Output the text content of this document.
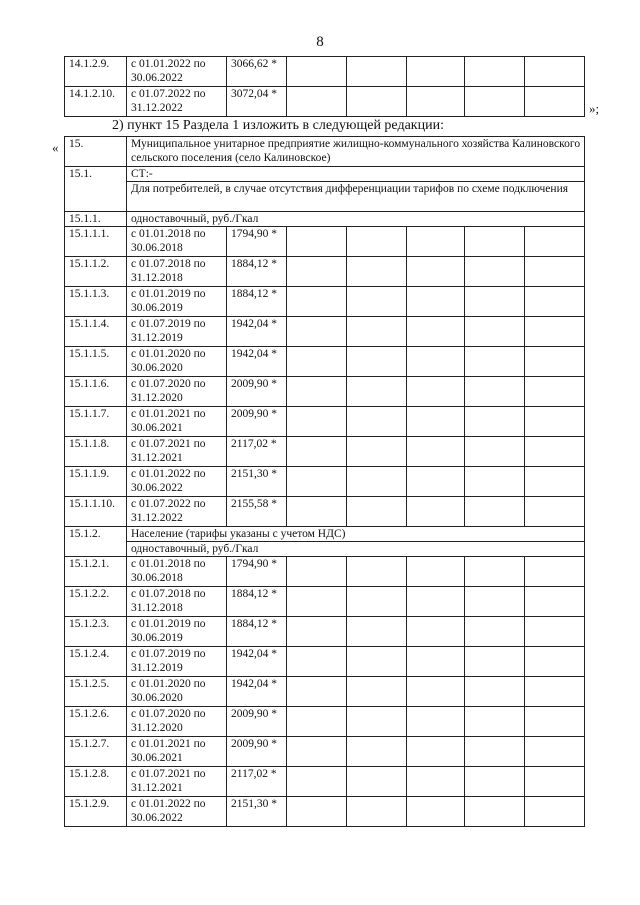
8
14.1.2.9.	с 01.01.2022 по 30.06.2022	3066,62 *					
14.1.2.10.	с 01.07.2022 по 31.12.2022	3072,04 *					
»;
2) пункт 15 Раздела 1 изложить в следующей редакции:
« 15.	Муниципальное унитарное предприятие жилищно-коммунального хозяйства Калиновского сельского поселения (село Калиновское)						
15.1.	СТ:-						
	Для потребителей, в случае отсутствия дифференциации тарифов по схеме подключения						
15.1.1.	одноставочный, руб./Гкал						
15.1.1.1.	с 01.01.2018 по 30.06.2018	1794,90 *					
15.1.1.2.	с 01.07.2018 по 31.12.2018	1884,12 *					
15.1.1.3.	с 01.01.2019 по 30.06.2019	1884,12 *					
15.1.1.4.	с 01.07.2019 по 31.12.2019	1942,04 *					
15.1.1.5.	с 01.01.2020 по 30.06.2020	1942,04 *					
15.1.1.6.	с 01.07.2020 по 31.12.2020	2009,90 *					
15.1.1.7.	с 01.01.2021 по 30.06.2021	2009,90 *					
15.1.1.8.	с 01.07.2021 по 31.12.2021	2117,02 *					
15.1.1.9.	с 01.01.2022 по 30.06.2022	2151,30 *					
15.1.1.10.	с 01.07.2022 по 31.12.2022	2155,58 *					
15.1.2.	Население (тарифы указаны с учетом НДС)						
	одноставочный, руб./Гкал						
15.1.2.1.	с 01.01.2018 по 30.06.2018	1794,90 *					
15.1.2.2.	с 01.07.2018 по 31.12.2018	1884,12 *					
15.1.2.3.	с 01.01.2019 по 30.06.2019	1884,12 *					
15.1.2.4.	с 01.07.2019 по 31.12.2019	1942,04 *					
15.1.2.5.	с 01.01.2020 по 30.06.2020	1942,04 *					
15.1.2.6.	с 01.07.2020 по 31.12.2020	2009,90 *					
15.1.2.7.	с 01.01.2021 по 30.06.2021	2009,90 *					
15.1.2.8.	с 01.07.2021 по 31.12.2021	2117,02 *					
15.1.2.9.	с 01.01.2022 по 30.06.2022	2151,30 *					
